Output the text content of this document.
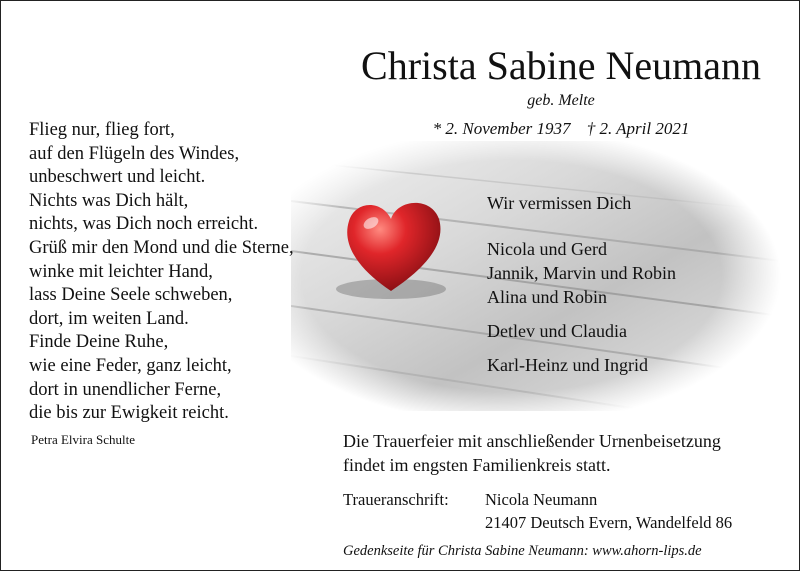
Christa Sabine Neumann
geb. Melte
* 2. November 1937 † 2. April 2021
Flieg nur, flieg fort,
auf den Flügeln des Windes,
unbeschwert und leicht.
Nichts was Dich hält,
nichts, was Dich noch erreicht.
Grüß mir den Mond und die Sterne,
winke mit leichter Hand,
lass Deine Seele schweben,
dort, im weiten Land.
Finde Deine Ruhe,
wie eine Feder, ganz leicht,
dort in unendlicher Ferne,
die bis zur Ewigkeit reicht.
Petra Elvira Schulte
Wir vermissen Dich
Nicola und Gerd
Jannik, Marvin und Robin
Alina und Robin
Detlev und Claudia
Karl-Heinz und Ingrid
Die Trauerfeier mit anschließender Urnenbeisetzung
findet im engsten Familienkreis statt.
Traueranschrift: Nicola Neumann
21407 Deutsch Evern, Wandelfeld 86
Gedenkseite für Christa Sabine Neumann: www.ahorn-lips.de
